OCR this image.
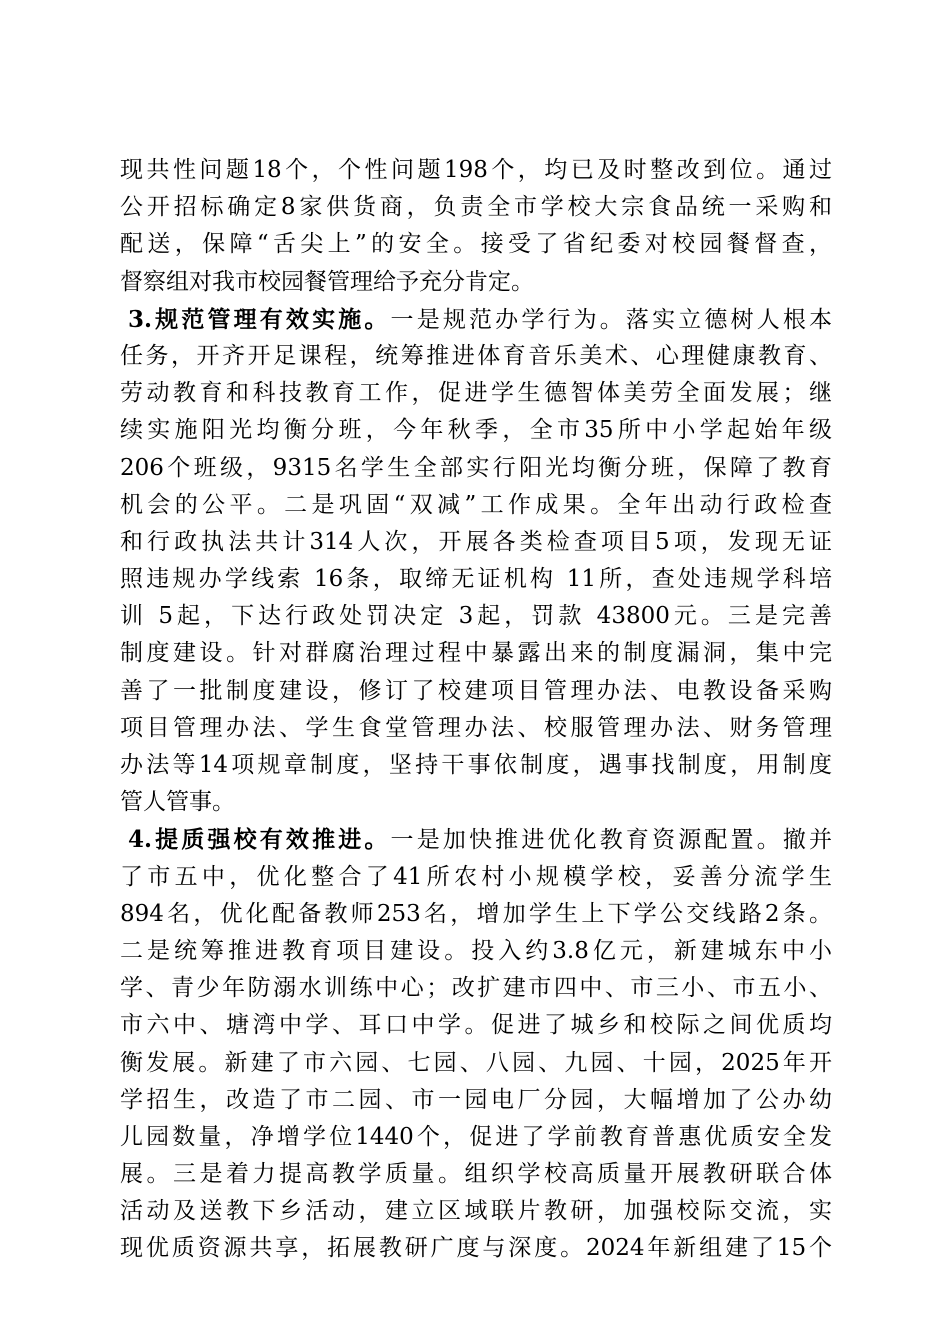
现共性问题18个，个性问题198个，均已及时整改到位。通过
公开招标确定8家供货商，负责全市学校大宗食品统一采购和
配送，保障“舌尖上”的安全。接受了省纪委对校园餐督查，
督察组对我市校园餐管理给予充分肯定。
3.规范管理有效实施。一是规范办学行为。落实立德树人根本
任务，开齐开足课程，统筹推进体育音乐美术、心理健康教育、
劳动教育和科技教育工作，促进学生德智体美劳全面发展；继
续实施阳光均衡分班，今年秋季，全市35所中小学起始年级
206个班级，9315名学生全部实行阳光均衡分班，保障了教育
机会的公平。二是巩固“双减”工作成果。全年出动行政检查
和行政执法共计314人次，开展各类检查项目5项，发现无证
照违规办学线索 16条，取缔无证机构 11所，查处违规学科培
训 5起，下达行政处罚决定 3起，罚款 43800元。三是完善
制度建设。针对群腐治理过程中暴露出来的制度漏洞，集中完
善了一批制度建设，修订了校建项目管理办法、电教设备采购
项目管理办法、学生食堂管理办法、校服管理办法、财务管理
办法等14项规章制度，坚持干事依制度，遇事找制度，用制度
管人管事。
4.提质强校有效推进。一是加快推进优化教育资源配置。撤并
了市五中，优化整合了41所农村小规模学校，妥善分流学生
894名，优化配备教师253名，增加学生上下学公交线路2条。
二是统筹推进教育项目建设。投入约3.8亿元，新建城东中小
学、青少年防溺水训练中心；改扩建市四中、市三小、市五小、
市六中、塘湾中学、耳口中学。促进了城乡和校际之间优质均
衡发展。新建了市六园、七园、八园、九园、十园，2025年开
学招生，改造了市二园、市一园电厂分园，大幅增加了公办幼
儿园数量，净增学位1440个，促进了学前教育普惠优质安全发
展。三是着力提高教学质量。组织学校高质量开展教研联合体
活动及送教下乡活动，建立区域联片教研，加强校际交流，实
现优质资源共享，拓展教研广度与深度。2024年新组建了15个
